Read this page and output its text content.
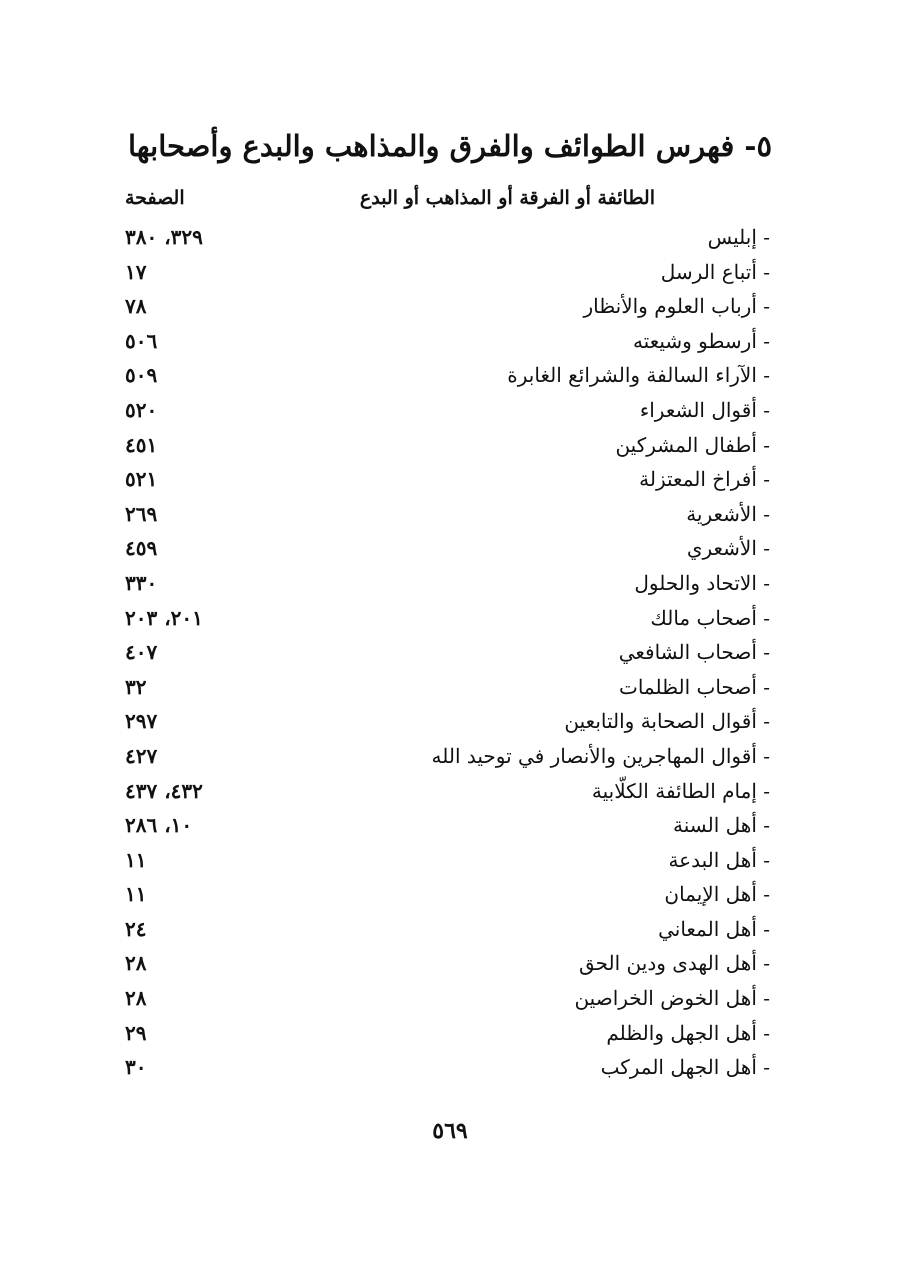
٥- فهرس الطوائف والفرق والمذاهب والبدع وأصحابها
الطائفة أو الفرقة أو المذاهب أو البدع
الصفحة
- إبليس
٣٢٩، ٣٨٠
- أتباع الرسل
١٧
- أرباب العلوم والأنظار
٧٨
- أرسطو وشيعته
٥٠٦
- الآراء السالفة والشرائع الغابرة
٥٠٩
- أقوال الشعراء
٥٢٠
- أطفال المشركين
٤٥١
- أفراخ المعتزلة
٥٢١
- الأشعرية
٢٦٩
- الأشعري
٤٥٩
- الاتحاد والحلول
٣٣٠
- أصحاب مالك
٢٠١، ٢٠٣
- أصحاب الشافعي
٤٠٧
- أصحاب الظلمات
٣٢
- أقوال الصحابة والتابعين
٢٩٧
- أقوال المهاجرين والأنصار في توحيد الله
٤٢٧
- إمام الطائفة الكلّابية
٤٣٢، ٤٣٧
- أهل السنة
١٠، ٢٨٦
- أهل البدعة
١١
- أهل الإيمان
١١
- أهل المعاني
٢٤
- أهل الهدى ودين الحق
٢٨
- أهل الخوض الخراصين
٢٨
- أهل الجهل والظلم
٢٩
- أهل الجهل المركب
٣٠
٥٦٩
